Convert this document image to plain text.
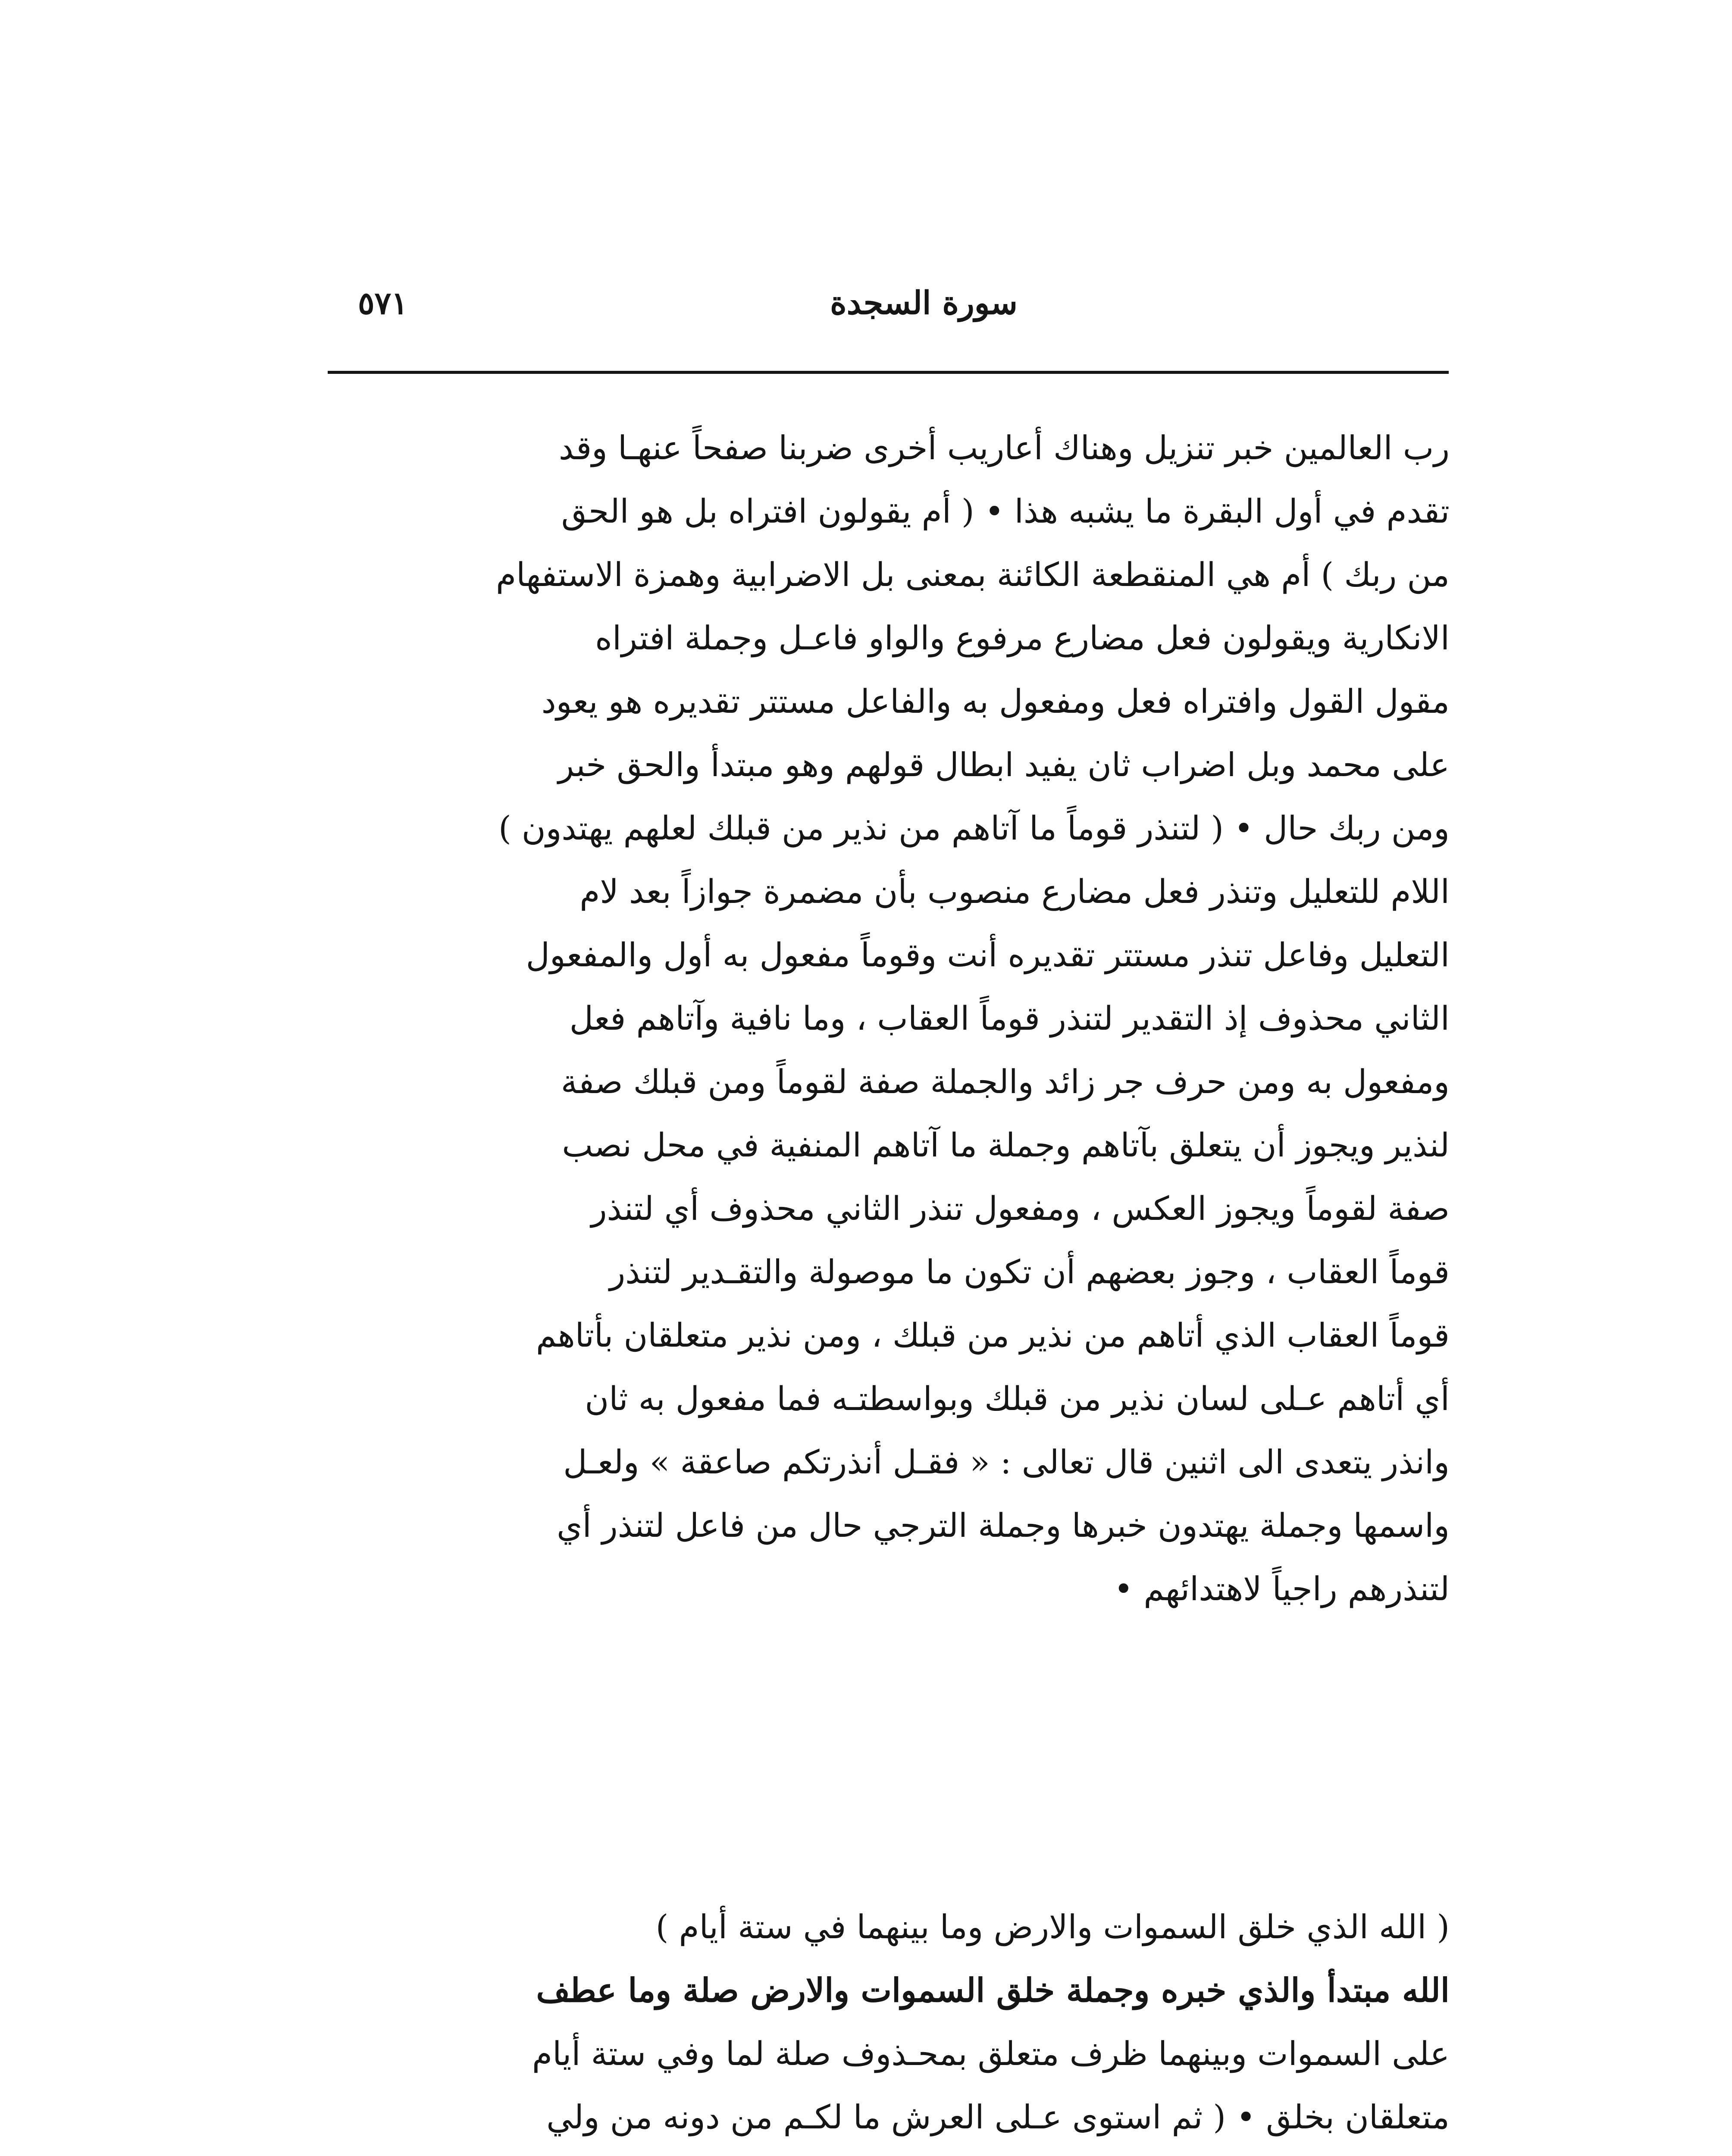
سورة السجدة
٥٧١
رب العالمين خبر تنزيل وهناك أعاريب أخرى ضربنا صفحاً عنهـا وقد
تقدم في أول البقرة ما يشبه هذا • ( أم يقولون افتراه بل هو الحق
من ربك ) أم هي المنقطعة الكائنة بمعنى بل الاضرابية وهمزة الاستفهام
الانكارية ويقولون فعل مضارع مرفوع والواو فاعـل وجملة افتراه
مقول القول وافتراه فعل ومفعول به والفاعل مستتر تقديره هو يعود
على محمد وبل اضراب ثان يفيد ابطال قولهم وهو مبتدأ والحق خبر
ومن ربك حال • ( لتنذر قوماً ما آتاهم من نذير من قبلك لعلهم يهتدون )
اللام للتعليل وتنذر فعل مضارع منصوب بأن مضمرة جوازاً بعد لام
التعليل وفاعل تنذر مستتر تقديره أنت وقوماً مفعول به أول والمفعول
الثاني محذوف إذ التقدير لتنذر قوماً العقاب ، وما نافية وآتاهم فعل
ومفعول به ومن حرف جر زائد والجملة صفة لقوماً ومن قبلك صفة
لنذير ويجوز أن يتعلق بآتاهم وجملة ما آتاهم المنفية في محل نصب
صفة لقوماً ويجوز العكس ، ومفعول تنذر الثاني محذوف أي لتنذر
قوماً العقاب ، وجوز بعضهم أن تكون ما موصولة والتقـدير لتنذر
قوماً العقاب الذي أتاهم من نذير من قبلك ، ومن نذير متعلقان بأتاهم
أي أتاهم عـلى لسان نذير من قبلك وبواسطتـه فما مفعول به ثان
وانذر يتعدى الى اثنين قال تعالى : « فقـل أنذرتكم صاعقة » ولعـل
واسمها وجملة يهتدون خبرها وجملة الترجي حال من فاعل لتنذر أي
لتنذرهم راجياً لاهتدائهم •
( الله الذي خلق السموات والارض وما بينهما في ستة أيام )
الله مبتدأ والذي خبره وجملة خلق السموات والارض صلة وما عطف
على السموات وبينهما ظرف متعلق بمحـذوف صلة لما وفي ستة أيام
متعلقان بخلق • ( ثم استوى عـلى العرش ما لكـم من دونه من ولي
